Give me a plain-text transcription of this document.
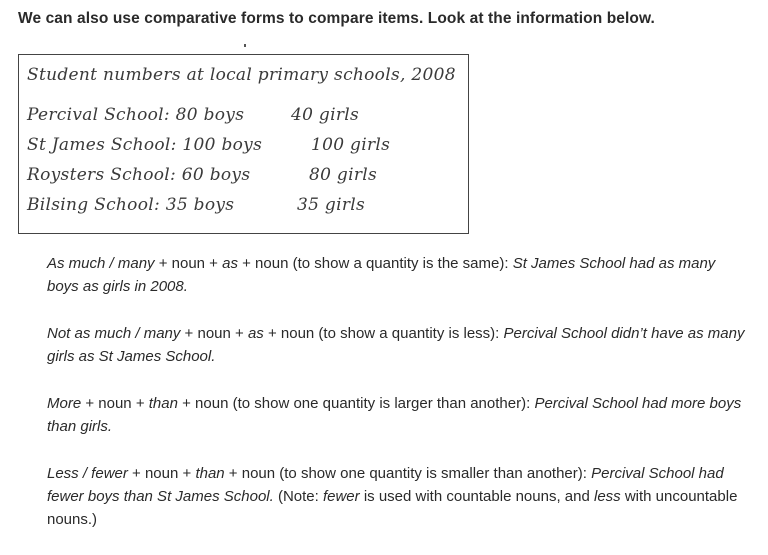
We can also use comparative forms to compare items. Look at the information below.

Student numbers at local primary schools, 2008
Percival School: 80 boys	40 girls
St James School: 100 boys	100 girls
Roysters School: 60 boys	80 girls
Bilsing School: 35 boys	35 girls

As much / many + noun + as + noun (to show a quantity is the same): St James School had as many boys as girls in 2008.

Not as much / many + noun + as + noun (to show a quantity is less): Percival School didn’t have as many girls as St James School.

More + noun + than + noun (to show one quantity is larger than another): Percival School had more boys than girls.

Less / fewer + noun + than + noun (to show one quantity is smaller than another): Percival School had fewer boys than St James School. (Note: fewer is used with countable nouns, and less with uncountable nouns.)
